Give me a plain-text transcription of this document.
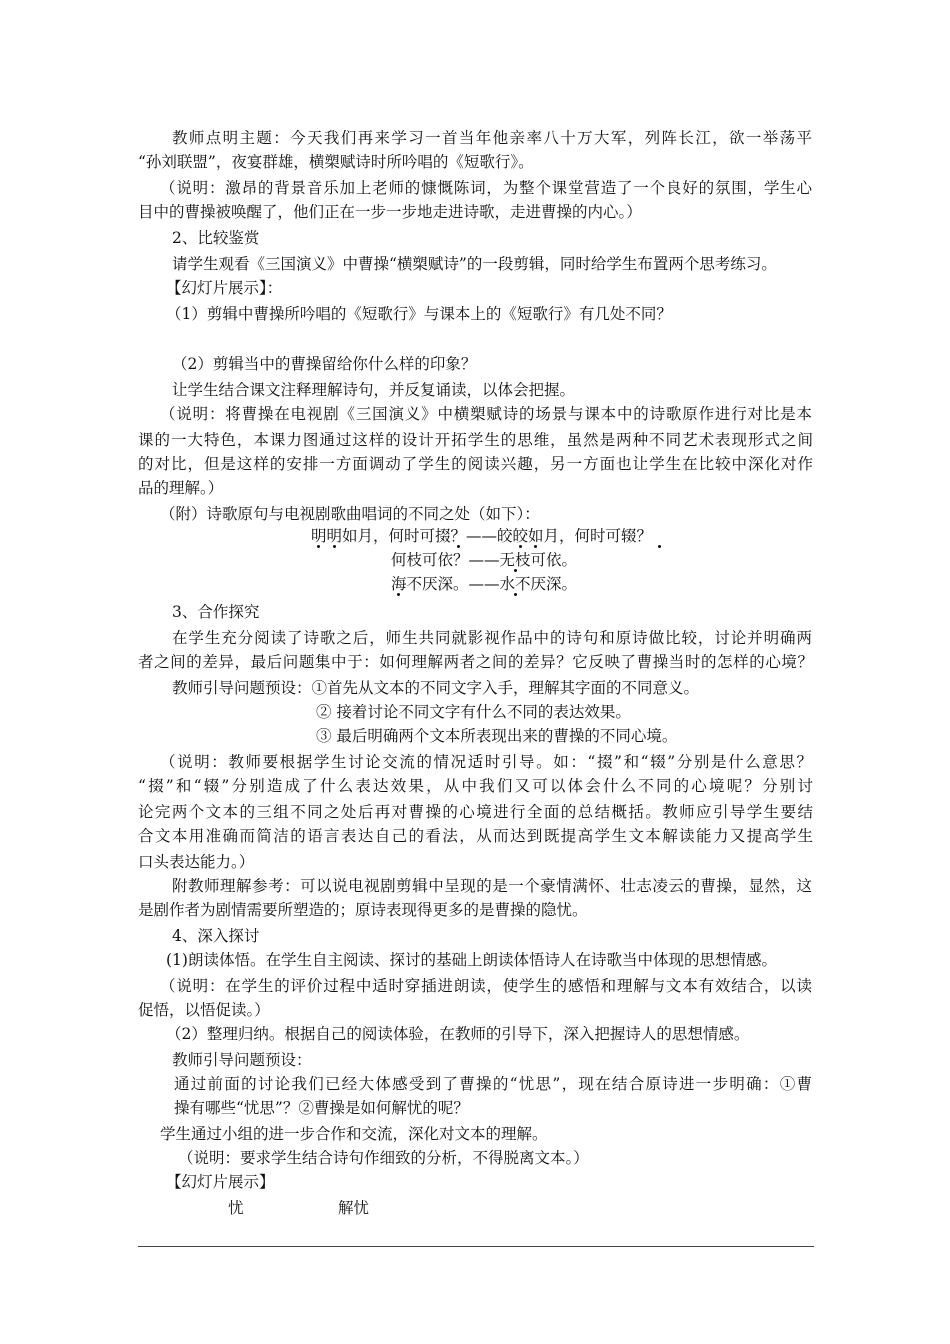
教师点明主题：今天我们再来学习一首当年他亲率八十万大军，列阵长江，欲一举荡平
“孙刘联盟”，夜宴群雄，横槊赋诗时所吟唱的《短歌行》。
（说明：激昂的背景音乐加上老师的慷慨陈词，为整个课堂营造了一个良好的氛围，学生心
目中的曹操被唤醒了，他们正在一步一步地走进诗歌，走进曹操的内心。）
2、比较鉴赏
请学生观看《三国演义》中曹操“横槊赋诗”的一段剪辑，同时给学生布置两个思考练习。
【幻灯片展示】：
（1）剪辑中曹操所吟唱的《短歌行》与课本上的《短歌行》有几处不同？
（2）剪辑当中的曹操留给你什么样的印象？
让学生结合课文注释理解诗句，并反复诵读，以体会把握。
（说明：将曹操在电视剧《三国演义》中横槊赋诗的场景与课本中的诗歌原作进行对比是本
课的一大特色，本课力图通过这样的设计开拓学生的思维，虽然是两种不同艺术表现形式之间
的对比，但是这样的安排一方面调动了学生的阅读兴趣，另一方面也让学生在比较中深化对作
品的理解。）
（附）诗歌原句与电视剧歌曲唱词的不同之处（如下）：
明明如月，何时可掇？——皎皎如月，何时可辍？
何枝可依？——无枝可依。
海不厌深。——水不厌深。
3、合作探究
在学生充分阅读了诗歌之后，师生共同就影视作品中的诗句和原诗做比较，讨论并明确两
者之间的差异，最后问题集中于：如何理解两者之间的差异？它反映了曹操当时的怎样的心境？
教师引导问题预设：①首先从文本的不同文字入手，理解其字面的不同意义。
② 接着讨论不同文字有什么不同的表达效果。
③ 最后明确两个文本所表现出来的曹操的不同心境。
（说明：教师要根据学生讨论交流的情况适时引导。如：“掇”和“辍”分别是什么意思？
“掇”和“辍”分别造成了什么表达效果，从中我们又可以体会什么不同的心境呢？分别讨
论完两个文本的三组不同之处后再对曹操的心境进行全面的总结概括。教师应引导学生要结
合文本用准确而简洁的语言表达自己的看法，从而达到既提高学生文本解读能力又提高学生
口头表达能力。）
附教师理解参考：可以说电视剧剪辑中呈现的是一个豪情满怀、壮志凌云的曹操，显然，这
是剧作者为剧情需要所塑造的；原诗表现得更多的是曹操的隐忧。
4、深入探讨
(1)朗读体悟。在学生自主阅读、探讨的基础上朗读体悟诗人在诗歌当中体现的思想情感。
（说明：在学生的评价过程中适时穿插进朗读，使学生的感悟和理解与文本有效结合，以读
促悟，以悟促读。）
（2）整理归纳。根据自己的阅读体验，在教师的引导下，深入把握诗人的思想情感。
教师引导问题预设：
通过前面的讨论我们已经大体感受到了曹操的“忧思”，现在结合原诗进一步明确：①曹
操有哪些“忧思”？②曹操是如何解忧的呢？
学生通过小组的进一步合作和交流，深化对文本的理解。
（说明：要求学生结合诗句作细致的分析，不得脱离文本。）
【幻灯片展示】
忧	解忧
